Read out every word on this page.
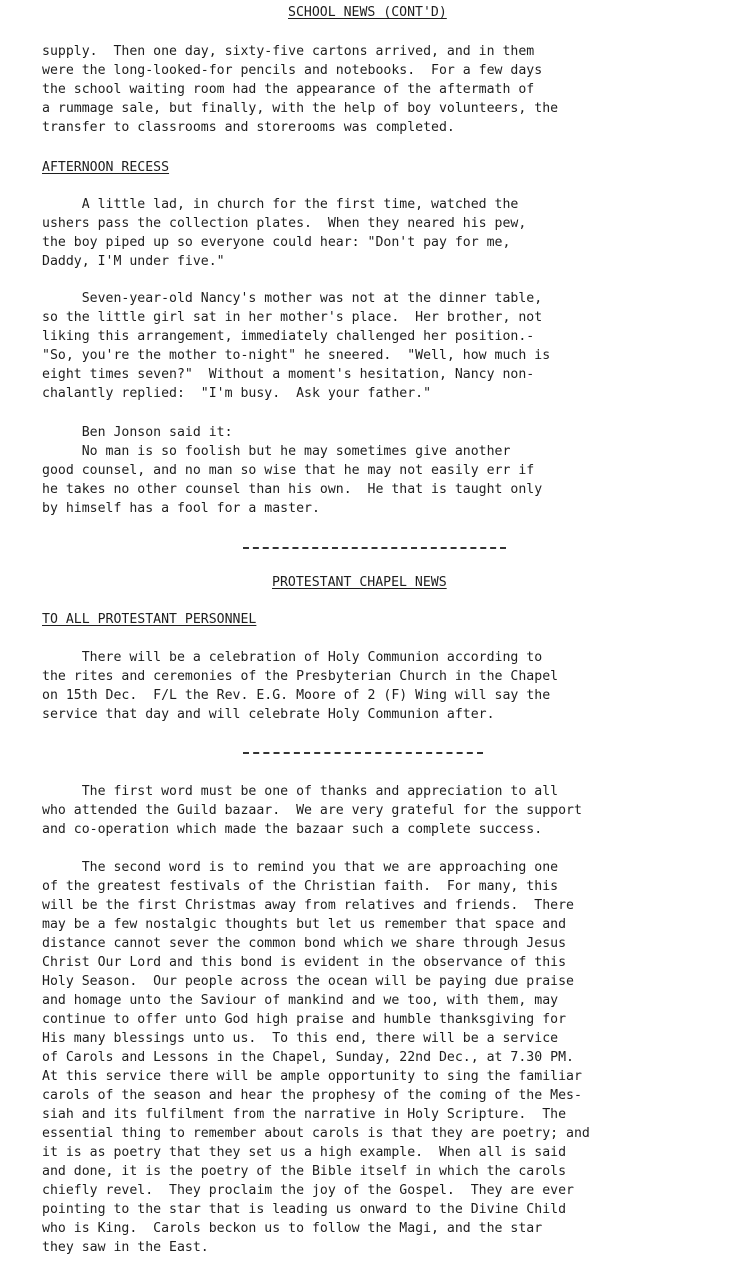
SCHOOL NEWS (CONT'D)
supply.  Then one day, sixty-five cartons arrived, and in them
were the long-looked-for pencils and notebooks.  For a few days
the school waiting room had the appearance of the aftermath of
a rummage sale, but finally, with the help of boy volunteers, the
transfer to classrooms and storerooms was completed.
AFTERNOON RECESS
A little lad, in church for the first time, watched the
ushers pass the collection plates.  When they neared his pew,
the boy piped up so everyone could hear: "Don't pay for me,
Daddy, I'M under five."
Seven-year-old Nancy's mother was not at the dinner table,
so the little girl sat in her mother's place.  Her brother, not
liking this arrangement, immediately challenged her position.-
"So, you're the mother to-night" he sneered.  "Well, how much is
eight times seven?"  Without a moment's hesitation, Nancy non-
chalantly replied:  "I'm busy.  Ask your father."
Ben Jonson said it:
No man is so foolish but he may sometimes give another
good counsel, and no man so wise that he may not easily err if
he takes no other counsel than his own.  He that is taught only
by himself has a fool for a master.
PROTESTANT CHAPEL NEWS
TO ALL PROTESTANT PERSONNEL
There will be a celebration of Holy Communion according to
the rites and ceremonies of the Presbyterian Church in the Chapel
on 15th Dec.  F/L the Rev. E.G. Moore of 2 (F) Wing will say the
service that day and will celebrate Holy Communion after.
The first word must be one of thanks and appreciation to all
who attended the Guild bazaar.  We are very grateful for the support
and co-operation which made the bazaar such a complete success.
The second word is to remind you that we are approaching one
of the greatest festivals of the Christian faith.  For many, this
will be the first Christmas away from relatives and friends.  There
may be a few nostalgic thoughts but let us remember that space and
distance cannot sever the common bond which we share through Jesus
Christ Our Lord and this bond is evident in the observance of this
Holy Season.  Our people across the ocean will be paying due praise
and homage unto the Saviour of mankind and we too, with them, may
continue to offer unto God high praise and humble thanksgiving for
His many blessings unto us.  To this end, there will be a service
of Carols and Lessons in the Chapel, Sunday, 22nd Dec., at 7.30 PM.
At this service there will be ample opportunity to sing the familiar
carols of the season and hear the prophesy of the coming of the Mes-
siah and its fulfilment from the narrative in Holy Scripture.  The
essential thing to remember about carols is that they are poetry; and
it is as poetry that they set us a high example.  When all is said
and done, it is the poetry of the Bible itself in which the carols
chiefly revel.  They proclaim the joy of the Gospel.  They are ever
pointing to the star that is leading us onward to the Divine Child
who is King.  Carols beckon us to follow the Magi, and the star
they saw in the East.
